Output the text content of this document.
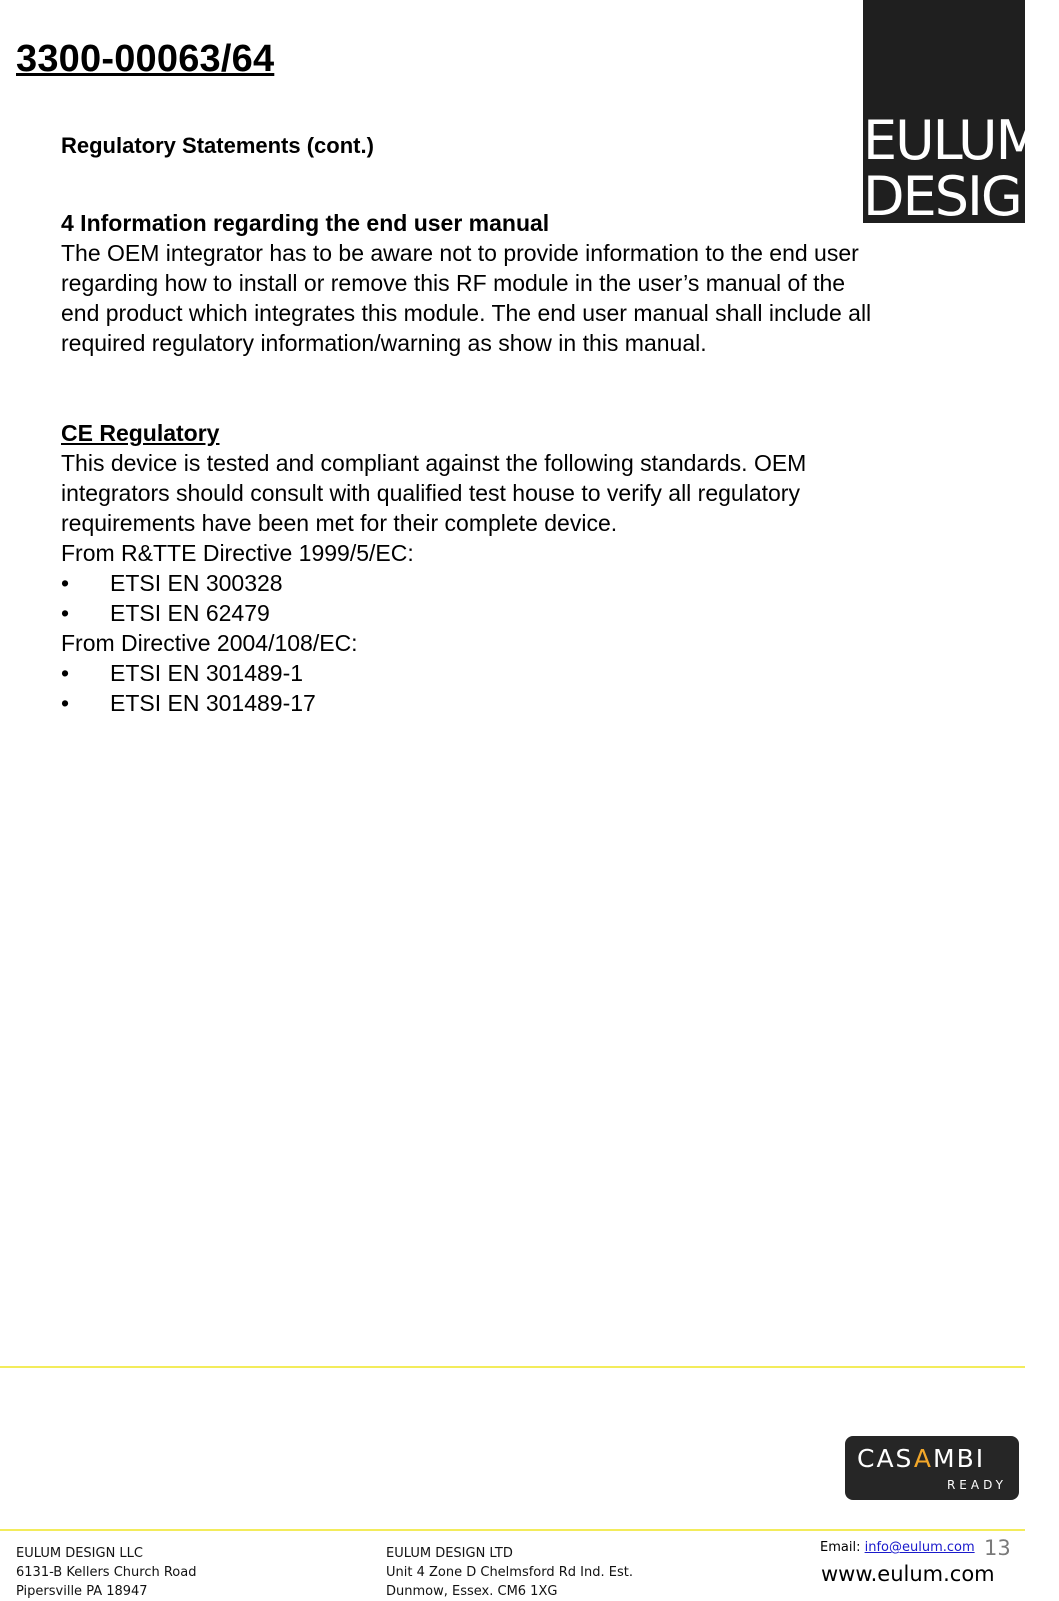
3300-00063/64
EULUM
DESIGN
Regulatory Statements (cont.)
4 Information regarding the end user manual
The OEM integrator has to be aware not to provide information to the end user
regarding how to install or remove this RF module in the user’s manual of the
end product which integrates this module. The end user manual shall include all
required regulatory information/warning as show in this manual.
CE Regulatory
This device is tested and compliant against the following standards. OEM
integrators should consult with qualified test house to verify all regulatory
requirements have been met for their complete device.
From R&TTE Directive 1999/5/EC:
• ETSI EN 300328
• ETSI EN 62479
From Directive 2004/108/EC:
• ETSI EN 301489-1
• ETSI EN 301489-17
CASAMBI
READY
EULUM DESIGN LLC
6131-B Kellers Church Road
Pipersville PA 18947
EULUM DESIGN LTD
Unit 4 Zone D Chelmsford Rd Ind. Est.
Dunmow, Essex. CM6 1XG
Email: info@eulum.com 13
www.eulum.com
